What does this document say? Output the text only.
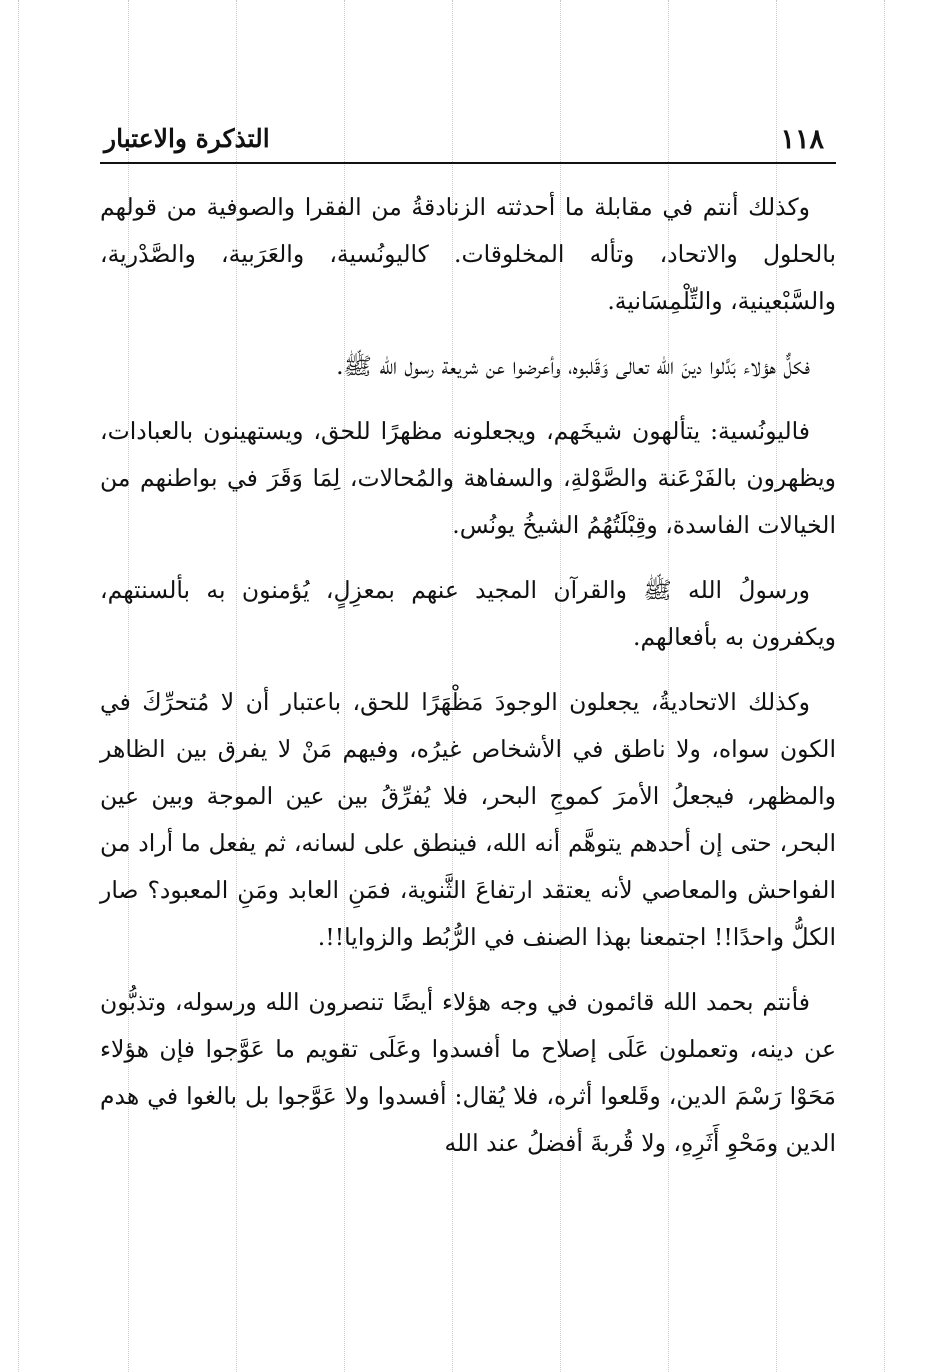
١١٨
التذكرة والاعتبار

وكذلك أنتم في مقابلة ما أحدثته الزنادقةُ من الفقرا والصوفية من قولهم بالحلول والاتحاد، وتأله المخلوقات. كاليونُسية، والعَرَبية، والصَّدْرية، والسَّبْعينية، والتِّلْمِسَانية.

فكلٌّ هؤلاء بَدَّلوا دينَ الله تعالى وَقَلبوه، وأعرضوا عن شريعة رسول الله ﷺ.

فاليونُسية: يتألهون شيخَهم، ويجعلونه مظهرًا للحق، ويستهينون بالعبادات، ويظهرون بالفَرْعَنة والصَّوْلةِ، والسفاهة والمُحالات، لِمَا وَقَرَ في بواطنهم من الخيالات الفاسدة، وقِبْلَتُهُمُ الشيخُ يونُس.

ورسولُ الله ﷺ والقرآن المجيد عنهم بمعزِلٍ، يُؤمنون به بألسنتهم، ويكفرون به بأفعالهم.

وكذلك الاتحاديةُ، يجعلون الوجودَ مَظْهَرًا للحق، باعتبار أن لا مُتحرِّكَ في الكون سواه، ولا ناطق في الأشخاص غيرُه، وفيهم مَنْ لا يفرق بين الظاهر والمظهر، فيجعلُ الأمرَ كموجِ البحر، فلا يُفرِّقُ بين عين الموجة وبين عين البحر، حتى إن أحدهم يتوهَّم أنه الله، فينطق على لسانه، ثم يفعل ما أراد من الفواحش والمعاصي لأنه يعتقد ارتفاعَ الثَّنوية، فمَنِ العابد ومَنِ المعبود؟ صار الكلُّ واحدًا!! اجتمعنا بهذا الصنف في الرُّبُط والزوايا!!.

فأنتم بحمد الله قائمون في وجه هؤلاء أيضًا تنصرون الله ورسوله، وتذبُّون عن دينه، وتعملون عَلَى إصلاح ما أفسدوا وعَلَى تقويم ما عَوَّجوا فإن هؤلاء مَحَوْا رَسْمَ الدين، وقَلعوا أثره، فلا يُقال: أفسدوا ولا عَوَّجوا بل بالغوا في هدم الدين ومَحْوِ أَثَرِهِ، ولا قُربةَ أفضلُ عند الله
